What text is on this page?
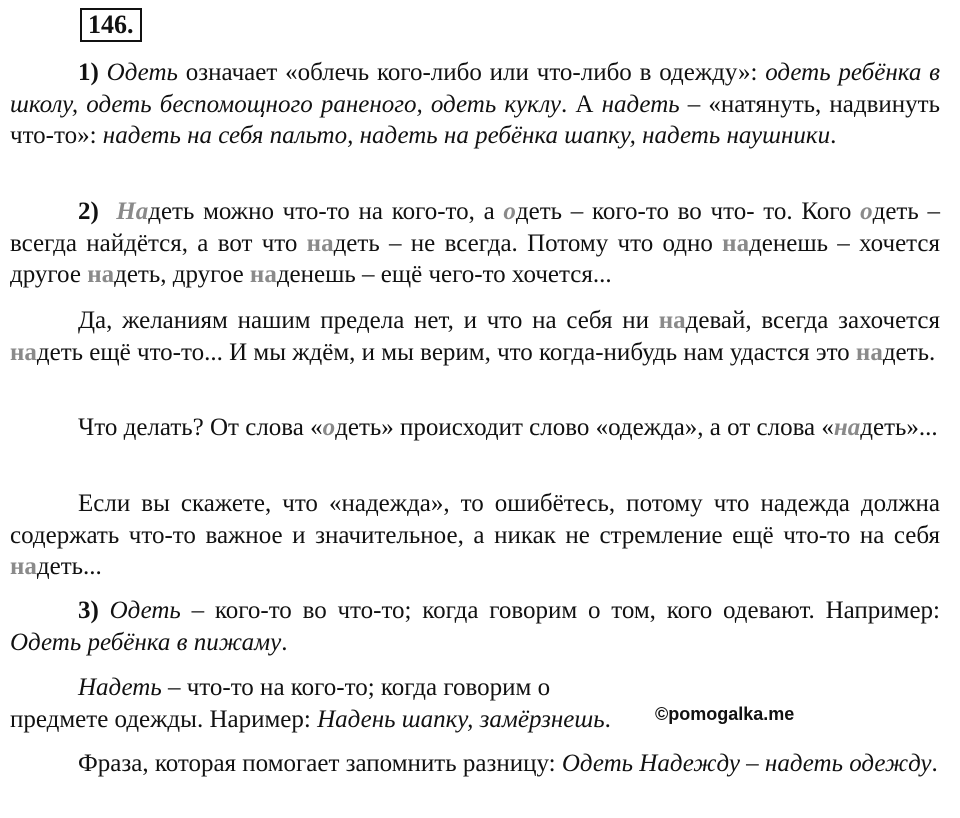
146.

1) Одеть означает «облечь кого-либо или что-либо в одежду»: одеть ребёнка в школу, одеть беспомощного раненого, одеть куклу. А надеть – «натянуть, надвинуть что-то»: надеть на себя пальто, надеть на ребёнка шапку, надеть наушники.

2) Надеть можно что-то на кого-то, а одеть – кого-то во что- то. Кого одеть – всегда найдётся, а вот что надеть – не всегда. Потому что одно наденешь – хочется другое надеть, другое наденешь – ещё чего-то хочется...

Да, желаниям нашим предела нет, и что на себя ни надевай, всегда захочется надеть ещё что-то... И мы ждём, и мы верим, что когда-нибудь нам удастся это надеть.

Что делать? От слова «одеть» происходит слово «одежда», а от слова «надеть»...

Если вы скажете, что «надежда», то ошибётесь, потому что надежда должна содержать что-то важное и значительное, а никак не стремление ещё что-то на себя надеть...

3) Одеть – кого-то во что-то; когда говорим о том, кого одевают. Например: Одеть ребёнка в пижаму.

Надеть – что-то на кого-то; когда говорим о предмете одежды. Наример: Надень шапку, замёрзнешь.	©pomogalka.me

Фраза, которая помогает запомнить разницу: Одеть Надежду – надеть одежду.
